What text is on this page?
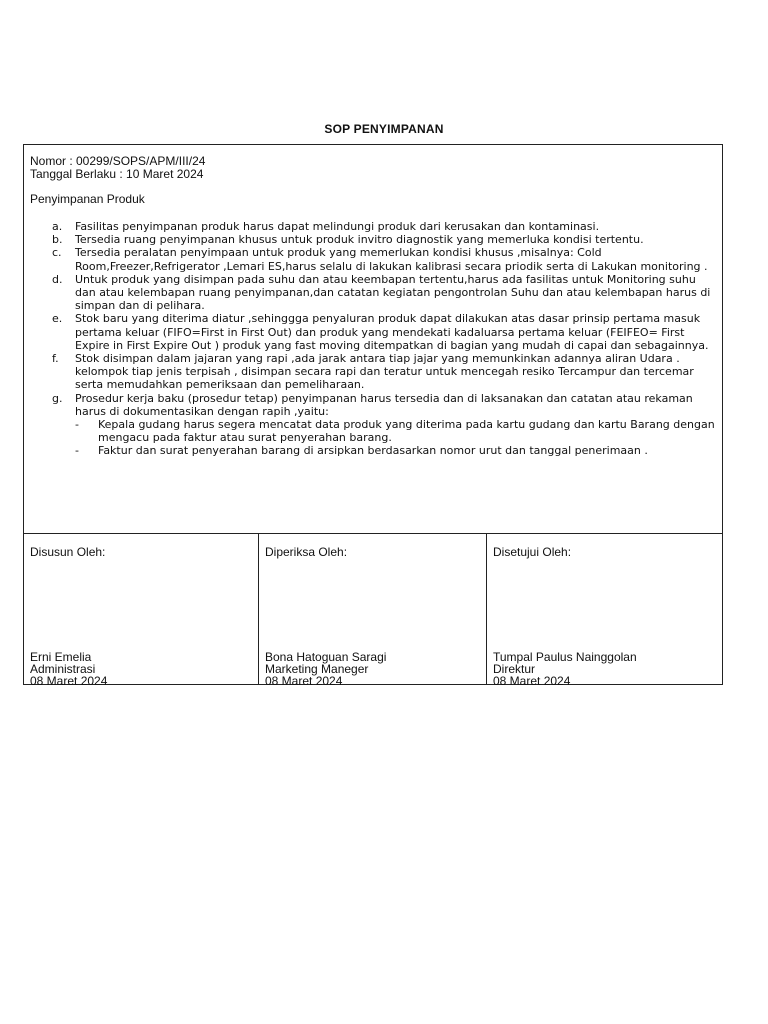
SOP PENYIMPANAN
Nomor : 00299/SOPS/APM/III/24
Tanggal Berlaku : 10 Maret 2024
Penyimpanan Produk
a. Fasilitas penyimpanan produk harus dapat melindungi produk dari kerusakan dan kontaminasi.
b. Tersedia ruang penyimpanan khusus untuk produk invitro diagnostik yang memerluka kondisi tertentu.
c. Tersedia peralatan penyimpaan untuk produk yang memerlukan kondisi khusus ,misalnya: Cold Room,Freezer,Refrigerator ,Lemari ES,harus selalu di lakukan kalibrasi secara priodik serta di Lakukan monitoring .
d. Untuk produk yang disimpan pada suhu dan atau keembapan tertentu,harus ada fasilitas untuk Monitoring suhu dan atau kelembapan ruang penyimpanan,dan catatan kegiatan pengontrolan Suhu dan atau kelembapan harus di simpan dan di pelihara.
e. Stok baru yang diterima diatur ,sehinggga penyaluran produk dapat dilakukan atas dasar prinsip pertama masuk pertama keluar (FIFO=First in First Out) dan produk yang mendekati kadaluarsa pertama keluar (FEIFEO= First Expire in First Expire Out ) produk yang fast moving ditempatkan di bagian yang mudah di capai dan sebagainnya.
f. Stok disimpan dalam jajaran yang rapi ,ada jarak antara tiap jajar yang memunkinkan adannya aliran Udara . kelompok tiap jenis terpisah , disimpan secara rapi dan teratur untuk mencegah resiko Tercampur dan tercemar serta memudahkan pemeriksaan dan pemeliharaan.
g. Prosedur kerja baku (prosedur tetap) penyimpanan harus tersedia dan di laksanakan dan catatan atau rekaman harus di dokumentasikan dengan rapih ,yaitu:
- Kepala gudang harus segera mencatat data produk yang diterima pada kartu gudang dan kartu Barang dengan mengacu pada faktur atau surat penyerahan barang.
- Faktur dan surat penyerahan barang di arsipkan berdasarkan nomor urut dan tanggal penerimaan .
Disusun Oleh:
Erni Emelia
Administrasi
08 Maret 2024
Diperiksa Oleh:
Bona Hatoguan Saragi
Marketing Maneger
08 Maret 2024
Disetujui Oleh:
Tumpal Paulus Nainggolan
Direktur
08 Maret 2024
